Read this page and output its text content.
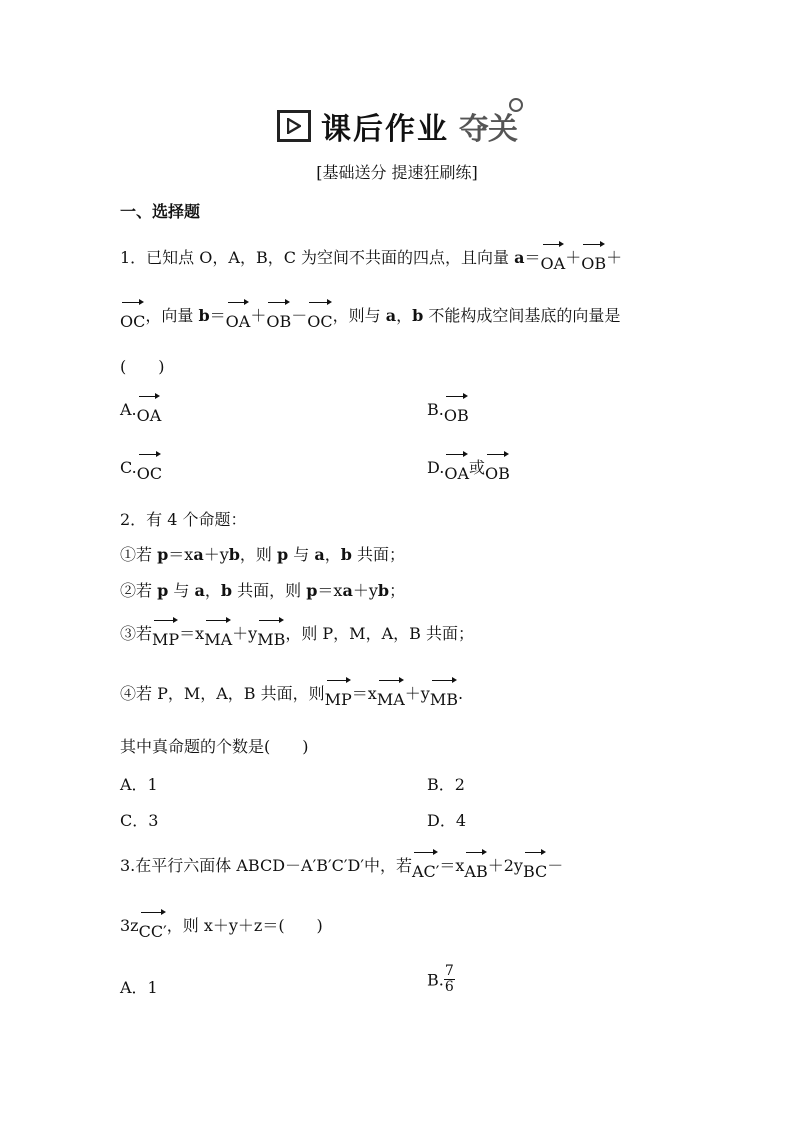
课后作业 夺关
[基础送分 提速狂刷练]
一、选择题
1．已知点 O，A，B，C 为空间不共面的四点，且向量 a＝OA＋OB＋
OC，向量 b＝OA＋OB－OC，则与 a，b 不能构成空间基底的向量是
(　　)
A.OA	B.OB
C.OC	D.OA或OB
2．有 4 个命题：
①若 p＝xa＋yb，则 p 与 a，b 共面；
②若 p 与 a，b 共面，则 p＝xa＋yb；
③若MP＝xMA＋yMB，则 P，M，A，B 共面；
④若 P，M，A，B 共面，则MP＝xMA＋yMB.
其中真命题的个数是(　　)
A．1	B．2
C．3	D．4
3.在平行六面体 ABCD－A′B′C′D′中，若AC′＝xAB＋2yBC－
3zCC′，则 x＋y＋z＝(　　)
A．1	B. $\frac{7}{6}$
